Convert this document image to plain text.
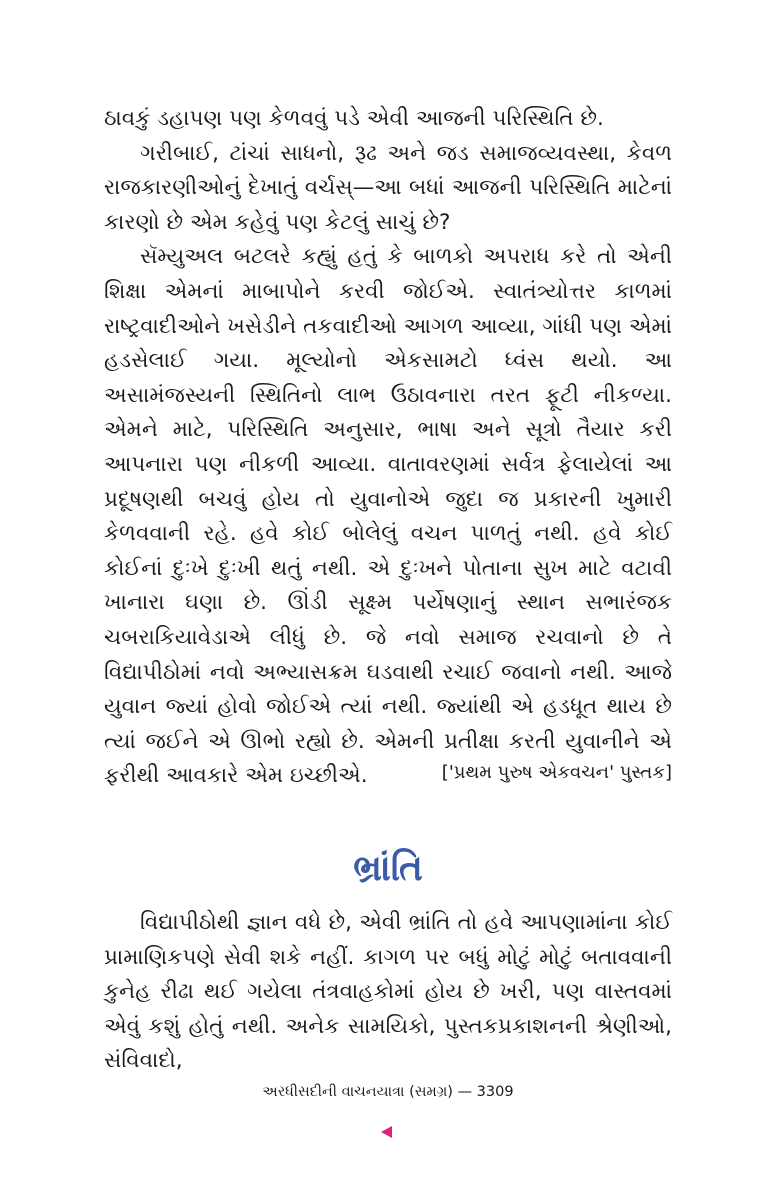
ઠાવકું ડહાપણ પણ કેળવવું પડે એવી આજની પરિસ્થિતિ છે.

ગરીબાઈ, ટાંચાં સાધનો, રૂઢ અને જડ સમાજવ્યવસ્થા, કેવળ રાજકારણીઓનું દેખાતું વર્ચસ્—આ બધાં આજની પરિસ્થિતિ માટેનાં કારણો છે એમ કહેવું પણ કેટલું સાચું છે?

સૅમ્યુઅલ બટલરે કહ્યું હતું કે બાળકો અપરાધ કરે તો એની શિક્ષા એમનાં માબાપોને કરવી જોઈએ. સ્વાતંત્ર્યોત્તર કાળમાં રાષ્ટ્રવાદીઓને ખસેડીને તકવાદીઓ આગળ આવ્યા, ગાંધી પણ એમાં હડસેલાઈ ગયા. મૂલ્યોનો એકસામટો ધ્વંસ થયો. આ અસામંજસ્યની સ્થિતિનો લાભ ઉઠાવનારા તરત ફૂટી નીકળ્યા. એમને માટે, પરિસ્થિતિ અનુસાર, ભાષા અને સૂત્રો તૈયાર કરી આપનારા પણ નીકળી આવ્યા. વાતાવરણમાં સર્વત્ર ફેલાયેલાં આ પ્રદૂષણથી બચવું હોય તો યુવાનોએ જુદા જ પ્રકારની ખુમારી કેળવવાની રહે. હવે કોઈ બોલેલું વચન પાળતું નથી. હવે કોઈ કોઈનાં દુઃખે દુઃખી થતું નથી. એ દુઃખને પોતાના સુખ માટે વટાવી ખાનારા ઘણા છે. ઊંડી સૂક્ષ્મ પર્યેષણાનું સ્થાન સભારંજક ચબરાકિયાવેડાએ લીધું છે. જે નવો સમાજ રચવાનો છે તે વિદ્યાપીઠોમાં નવો અભ્યાસક્રમ ઘડવાથી રચાઈ જવાનો નથી. આજે યુવાન જ્યાં હોવો જોઈએ ત્યાં નથી. જ્યાંથી એ હડધૂત થાય છે ત્યાં જઈને એ ઊભો રહ્યો છે. એમની પ્રતીક્ષા કરતી યુવાનીને એ ફરીથી આવકારે એમ ઇચ્છીએ.	['પ્રથમ પુરુષ એકવચન' પુસ્તક]
ભ્રાંતિ

વિદ્યાપીઠોથી જ્ઞાન વધે છે, એવી ભ્રાંતિ તો હવે આપણામાંના કોઈ પ્રામાણિકપણે સેવી શકે નહીં. કાગળ પર બધું મોટું મોટું બતાવવાની કુનેહ રીઢા થઈ ગયેલા તંત્રવાહકોમાં હોય છે ખરી, પણ વાસ્તવમાં એવું કશું હોતું નથી. અનેક સામયિકો, પુસ્તકપ્રકાશનની શ્રેણીઓ, સંવિવાદો,

અરધીસદીની વાચનયાત્રા (સમગ્ર) — 3309
